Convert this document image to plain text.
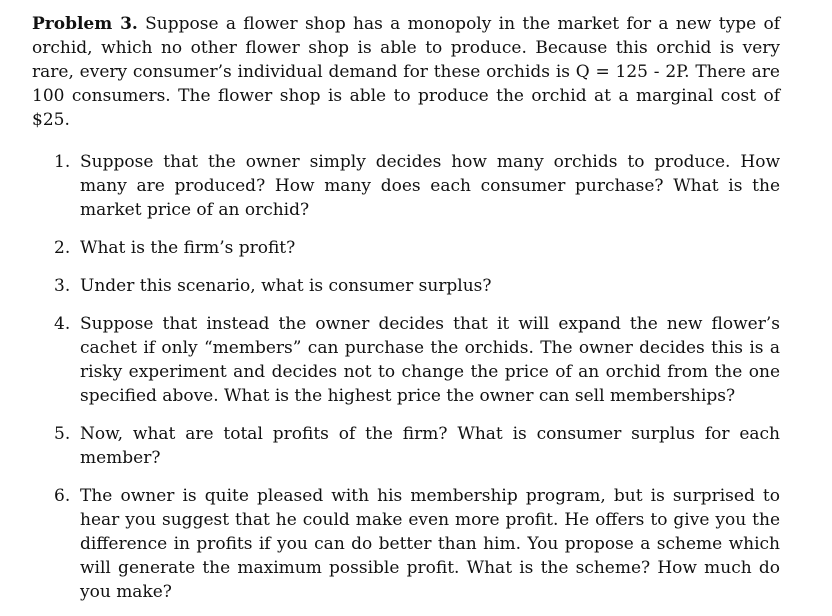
Problem 3. Suppose a flower shop has a monopoly in the market for a new type of orchid, which no other flower shop is able to produce. Because this orchid is very rare, every consumer’s individual demand for these orchids is Q = 125 - 2P. There are 100 consumers. The flower shop is able to produce the orchid at a marginal cost of $25.

1. Suppose that the owner simply decides how many orchids to produce. How many are produced? How many does each consumer purchase? What is the market price of an orchid?
2. What is the firm’s profit?
3. Under this scenario, what is consumer surplus?
4. Suppose that instead the owner decides that it will expand the new flower’s cachet if only “members” can purchase the orchids. The owner decides this is a risky experiment and decides not to change the price of an orchid from the one specified above. What is the highest price the owner can sell memberships?
5. Now, what are total profits of the firm? What is consumer surplus for each member?
6. The owner is quite pleased with his membership program, but is surprised to hear you suggest that he could make even more profit. He offers to give you the difference in profits if you can do better than him. You propose a scheme which will generate the maximum possible profit. What is the scheme? How much do you make?
